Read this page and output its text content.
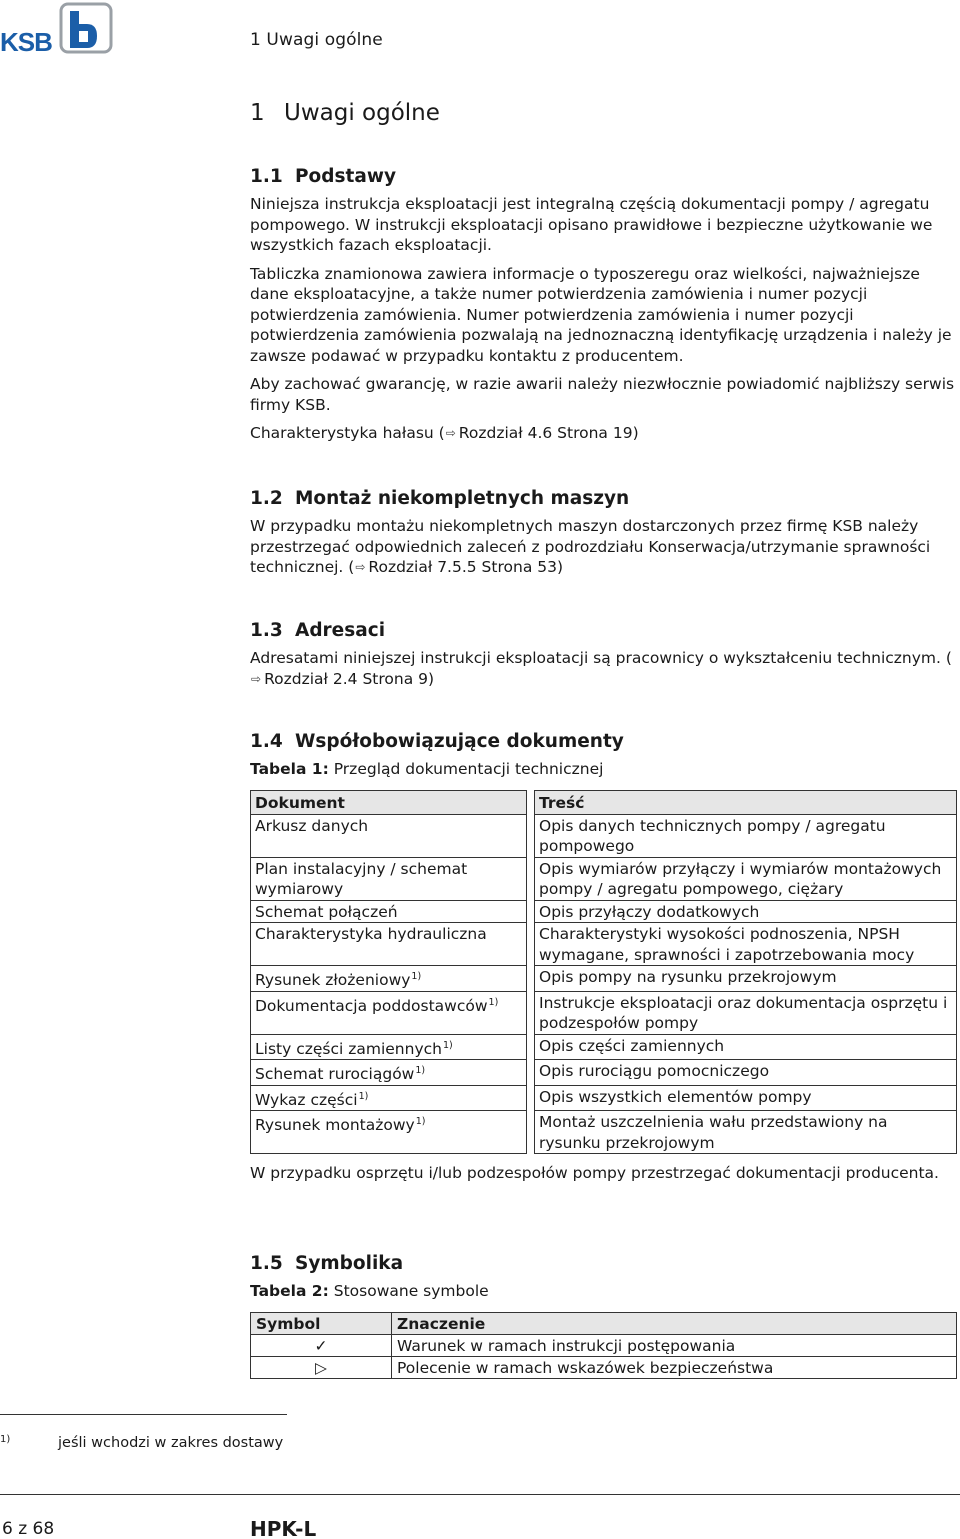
KSB	1 Uwagi ogólne
1 Uwagi ogólne
1.1 Podstawy
Niniejsza instrukcja eksploatacji jest integralną częścią dokumentacji pompy / agregatu pompowego. W instrukcji eksploatacji opisano prawidłowe i bezpieczne użytkowanie we wszystkich fazach eksploatacji.
Tabliczka znamionowa zawiera informacje o typoszeregu oraz wielkości, najważniejsze dane eksploatacyjne, a także numer potwierdzenia zamówienia i numer pozycji potwierdzenia zamówienia. Numer potwierdzenia zamówienia i numer pozycji potwierdzenia zamówienia pozwalają na jednoznaczną identyfikację urządzenia i należy je zawsze podawać w przypadku kontaktu z producentem.
Aby zachować gwarancję, w razie awarii należy niezwłocznie powiadomić najbliższy serwis firmy KSB.
Charakterystyka hałasu (⇨ Rozdział 4.6 Strona 19)
1.2 Montaż niekompletnych maszyn
W przypadku montażu niekompletnych maszyn dostarczonych przez firmę KSB należy przestrzegać odpowiednich zaleceń z podrozdziału Konserwacja/utrzymanie sprawności technicznej. (⇨ Rozdział 7.5.5 Strona 53)
1.3 Adresaci
Adresatami niniejszej instrukcji eksploatacji są pracownicy o wykształceniu technicznym. (⇨ Rozdział 2.4 Strona 9)
1.4 Współobowiązujące dokumenty
Tabela 1: Przegląd dokumentacji technicznej
Dokument		Treść
Arkusz danych		Opis danych technicznych pompy / agregatu pompowego
Plan instalacyjny / schemat wymiarowy		Opis wymiarów przyłączy i wymiarów montażowych pompy / agregatu pompowego, ciężary
Schemat połączeń		Opis przyłączy dodatkowych
Charakterystyka hydrauliczna		Charakterystyki wysokości podnoszenia, NPSH wymagane, sprawności i zapotrzebowania mocy
Rysunek złożeniowy$^{1)}$		Opis pompy na rysunku przekrojowym
Dokumentacja poddostawców$^{1)}$		Instrukcje eksploatacji oraz dokumentacja osprzętu i podzespołów pompy
Listy części zamiennych$^{1)}$		Opis części zamiennych
Schemat rurociągów$^{1)}$		Opis rurociągu pomocniczego
Wykaz części$^{1)}$		Opis wszystkich elementów pompy
Rysunek montażowy$^{1)}$		Montaż uszczelnienia wału przedstawiony na rysunku przekrojowym
W przypadku osprzętu i/lub podzespołów pompy przestrzegać dokumentacji producenta.
1.5 Symbolika
Tabela 2: Stosowane symbole
Symbol	Znaczenie
✓	Warunek w ramach instrukcji postępowania
▷	Polecenie w ramach wskazówek bezpieczeństwa
1)	jeśli wchodzi w zakres dostawy
6 z 68	HPK-L
